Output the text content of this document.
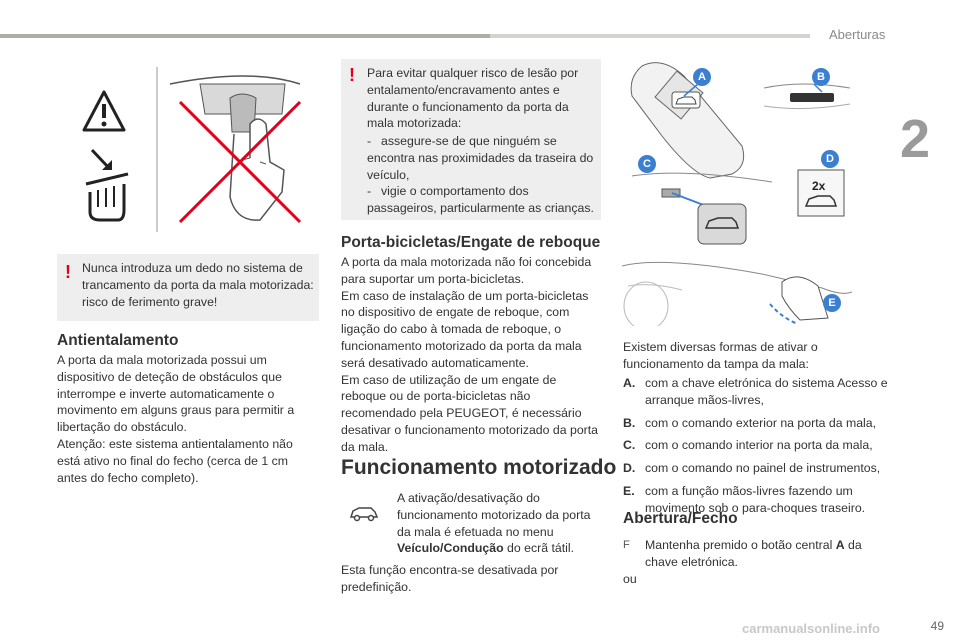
Aberturas
2
! Nunca introduza um dedo no sistema de trancamento da porta da mala motorizada: risco de ferimento grave!
Antientalamento
A porta da mala motorizada possui um dispositivo de deteção de obstáculos que interrompe e inverte automaticamente o movimento em alguns graus para permitir a libertação do obstáculo.
Atenção: este sistema antientalamento não está ativo no final do fecho (cerca de 1 cm antes do fecho completo).
! Para evitar qualquer risco de lesão por entalamento/encravamento antes e durante o funcionamento da porta da mala motorizada:
- assegure-se de que ninguém se encontra nas proximidades da traseira do veículo,
- vigie o comportamento dos passageiros, particularmente as crianças.
Porta-bicicletas/Engate de reboque
A porta da mala motorizada não foi concebida para suportar um porta-bicicletas.
Em caso de instalação de um porta-bicicletas no dispositivo de engate de reboque, com ligação do cabo à tomada de reboque, o funcionamento motorizado da porta da mala será desativado automaticamente.
Em caso de utilização de um engate de reboque ou de porta-bicicletas não recomendado pela PEUGEOT, é necessário desativar o funcionamento motorizado da porta da mala.
Funcionamento motorizado
A ativação/desativação do funcionamento motorizado da porta da mala é efetuada no menu Veículo/Condução do ecrã tátil.
Esta função encontra-se desativada por predefinição.
2x
A	B
C	D
E
Existem diversas formas de ativar o funcionamento da tampa da mala:
A. com a chave eletrónica do sistema Acesso e arranque mãos-livres,
B. com o comando exterior na porta da mala,
C. com o comando interior na porta da mala,
D. com o comando no painel de instrumentos,
E. com a função mãos-livres fazendo um movimento sob o para-choques traseiro.
Abertura/Fecho
F	Mantenha premido o botão central A da chave eletrónica.
ou
carmanualsonline.info	49
